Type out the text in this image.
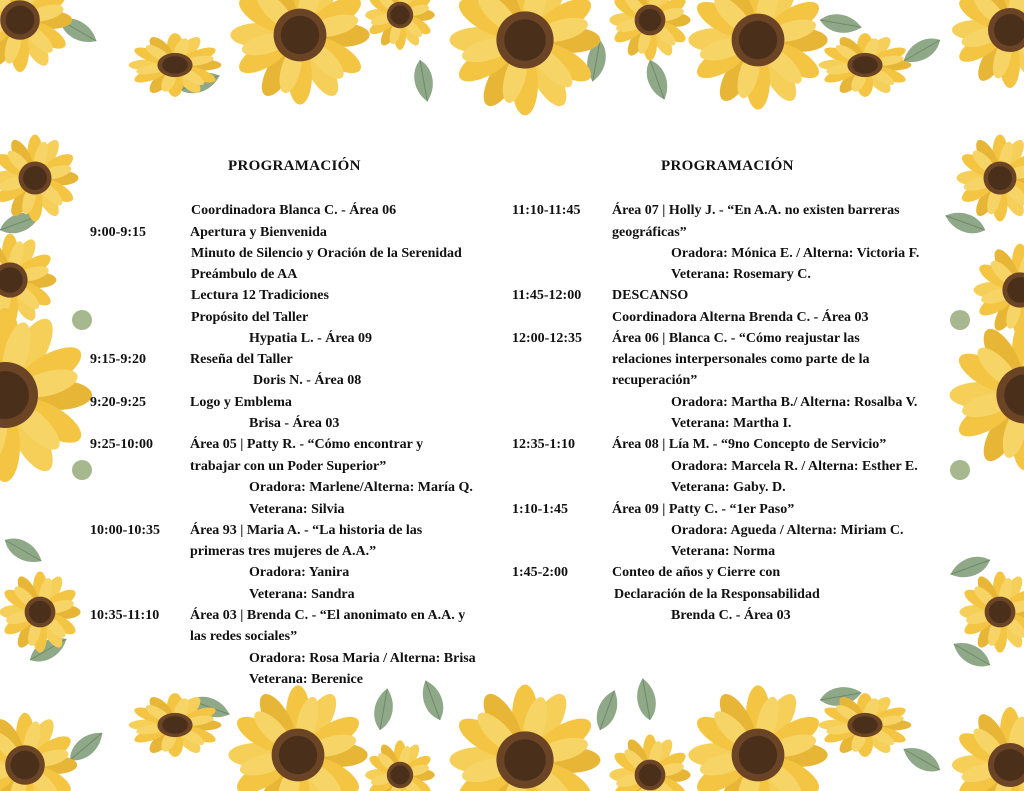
PROGRAMACIÓN
9:00-9:15
9:15-9:20
9:20-9:25
9:25-10:00
10:00-10:35
10:35-11:10
Coordinadora Blanca C. - Área 06
Apertura y Bienvenida
Minuto de Silencio y Oración de la Serenidad
Preámbulo de AA
Lectura 12 Tradiciones
Propósito del Taller
Hypatia L. - Área 09
Reseña del Taller
Doris N. - Área 08
Logo y Emblema
Brisa - Área 03
Área 05 | Patty R. - “Cómo encontrar y
trabajar con un Poder Superior”
Oradora: Marlene/Alterna: María Q.
Veterana: Silvia
Área 93 | Maria A. - “La historia de las
primeras tres mujeres de A.A.”
Oradora: Yanira
Veterana: Sandra
Área 03 | Brenda C. - “El anonimato en A.A. y
las redes sociales”
Oradora: Rosa Maria / Alterna: Brisa
Veterana: Berenice
PROGRAMACIÓN
11:10-11:45
11:45-12:00
12:00-12:35
12:35-1:10
1:10-1:45
1:45-2:00
Área 07 | Holly J. - “En A.A. no existen barreras
geográficas”
Oradora: Mónica E. / Alterna: Victoria F.
Veterana: Rosemary C.
DESCANSO
Coordinadora Alterna Brenda C. - Área 03
Área 06 | Blanca C. - “Cómo reajustar las
relaciones interpersonales como parte de la
recuperación”
Oradora: Martha B./ Alterna: Rosalba V.
Veterana: Martha I.
Área 08 | Lía M. - “9no Concepto de Servicio”
Oradora: Marcela R. / Alterna: Esther E.
Veterana: Gaby. D.
Área 09 | Patty C. - “1er Paso”
Oradora: Agueda / Alterna: Miriam C.
Veterana: Norma
Conteo de años y Cierre con
Declaración de la Responsabilidad
Brenda C. - Área 03
